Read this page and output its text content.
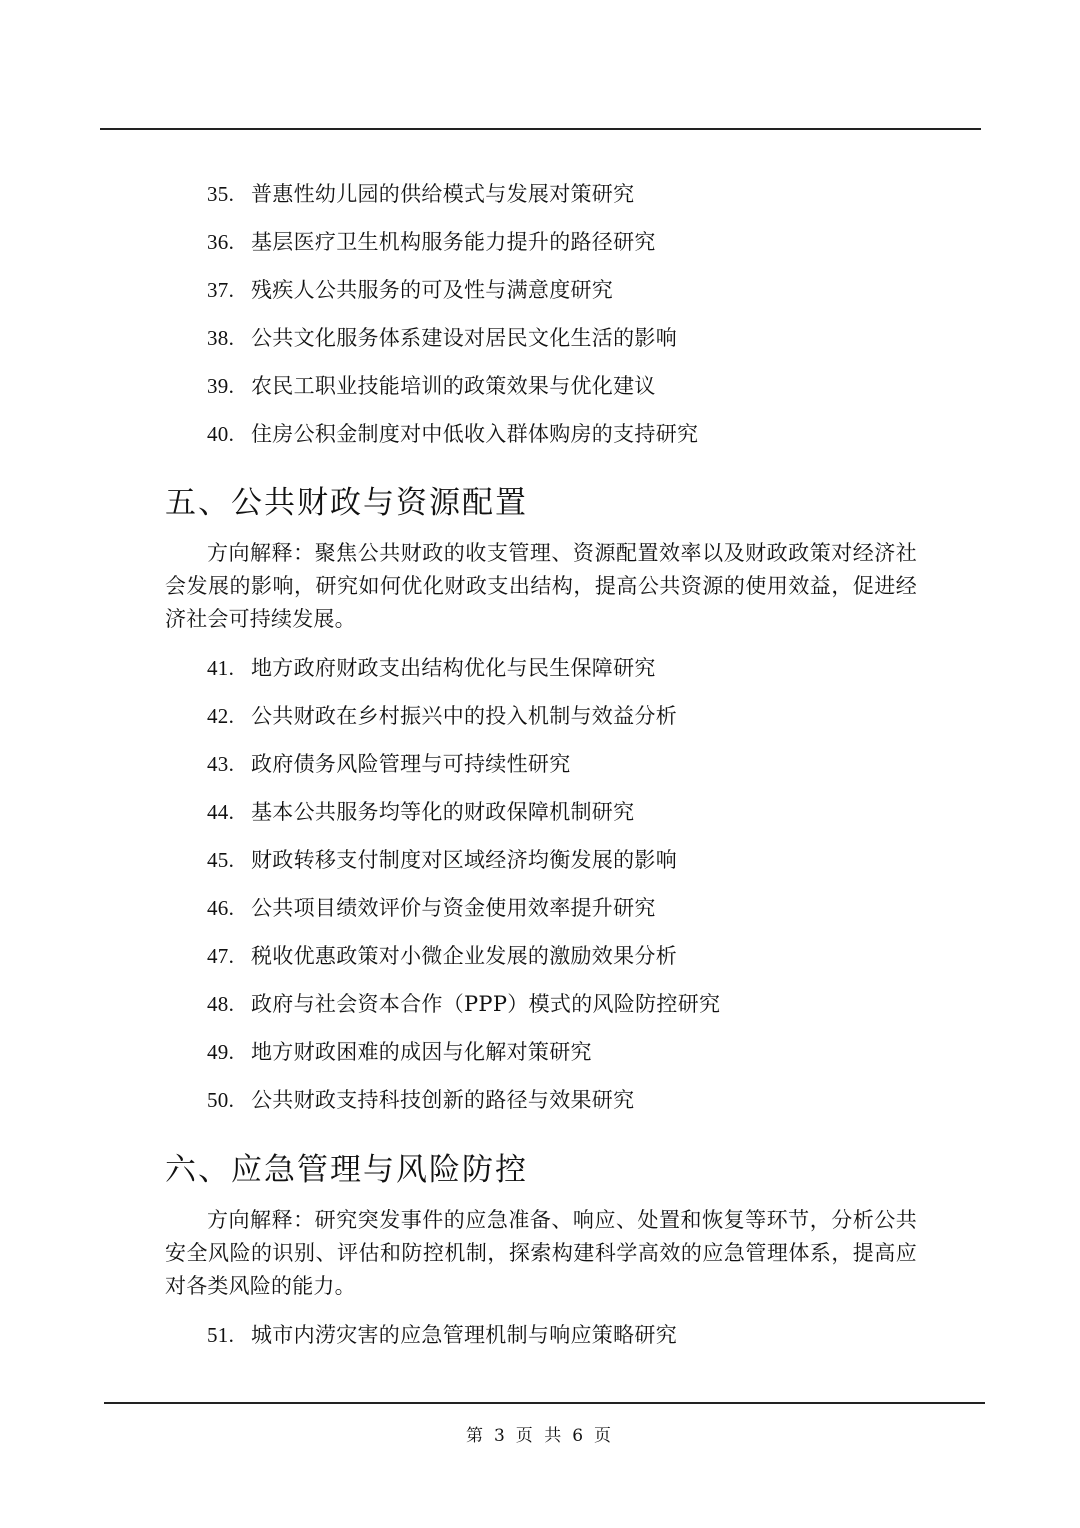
35. 普惠性幼儿园的供给模式与发展对策研究
36. 基层医疗卫生机构服务能力提升的路径研究
37. 残疾人公共服务的可及性与满意度研究
38. 公共文化服务体系建设对居民文化生活的影响
39. 农民工职业技能培训的政策效果与优化建议
40. 住房公积金制度对中低收入群体购房的支持研究
五、公共财政与资源配置
方向解释：聚焦公共财政的收支管理、资源配置效率以及财政政策对经济社会发展的影响，研究如何优化财政支出结构，提高公共资源的使用效益，促进经济社会可持续发展。
41. 地方政府财政支出结构优化与民生保障研究
42. 公共财政在乡村振兴中的投入机制与效益分析
43. 政府债务风险管理与可持续性研究
44. 基本公共服务均等化的财政保障机制研究
45. 财政转移支付制度对区域经济均衡发展的影响
46. 公共项目绩效评价与资金使用效率提升研究
47. 税收优惠政策对小微企业发展的激励效果分析
48. 政府与社会资本合作（PPP）模式的风险防控研究
49. 地方财政困难的成因与化解对策研究
50. 公共财政支持科技创新的路径与效果研究
六、应急管理与风险防控
方向解释：研究突发事件的应急准备、响应、处置和恢复等环节，分析公共安全风险的识别、评估和防控机制，探索构建科学高效的应急管理体系，提高应对各类风险的能力。
51. 城市内涝灾害的应急管理机制与响应策略研究
第 3 页 共 6 页
